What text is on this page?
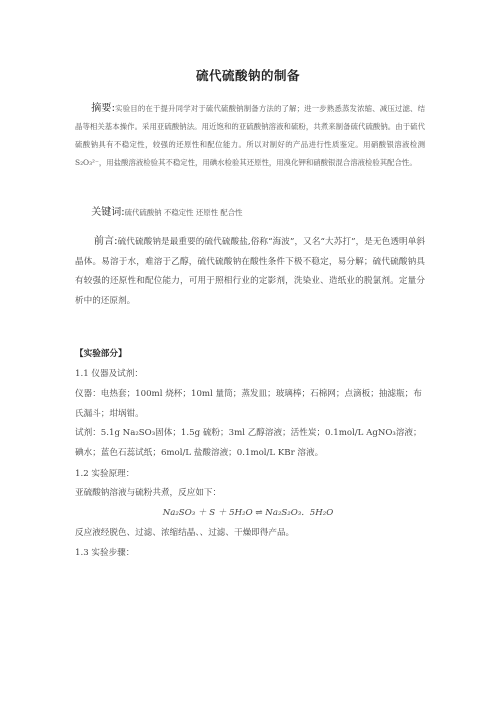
硫代硫酸钠的制备

摘要:实验目的在于提升同学对于硫代硫酸钠制备方法的了解；进一步熟悉蒸发浓缩、减压过滤、结晶等相关基本操作。采用亚硫酸钠法。用近饱和的亚硫酸钠溶液和硫粉，共煮来制备硫代硫酸钠。由于硫代硫酸钠具有不稳定性，较强的还原性和配位能力。所以对制好的产品进行性质鉴定。用硝酸银溶液检测S₂O₃²⁻，用盐酸溶液检验其不稳定性，用碘水检验其还原性，用溴化钾和硝酸银混合溶液检验其配合性。

关键词:硫代硫酸钠 不稳定性 还原性 配合性

前言:硫代硫酸钠是最重要的硫代硫酸盐,俗称“海波”，又名“大苏打”，是无色透明单斜晶体。易溶于水，难溶于乙醇，硫代硫酸钠在酸性条件下极不稳定，易分解；硫代硫酸钠具有较强的还原性和配位能力，可用于照相行业的定影剂，洗染业、造纸业的脱氯剂。定量分析中的还原剂。

【实验部分】

1.1 仪器及试剂：

仪器：电热套；100ml 烧杯；10ml 量筒；蒸发皿；玻璃棒；石棉网；点滴板；抽滤瓶；布氏漏斗；坩埚钳。

试剂：5.1g Na₂SO₃固体；1.5g 硫粉；3ml 乙醇溶液；活性炭；0.1mol/L AgNO₃溶液；碘水；蓝色石蕊试纸；6mol/L 盐酸溶液；0.1mol/L KBr 溶液。

1.2 实验原理：

亚硫酸钠溶液与硫粉共煮，反应如下：

Na₂SO₃ ＋ S ＋ 5H₂O ⇌ Na₂S₂O₃．5H₂O

反应液经脱色、过滤、浓缩结晶、、过滤、干燥即得产品。

1.3 实验步骤：
